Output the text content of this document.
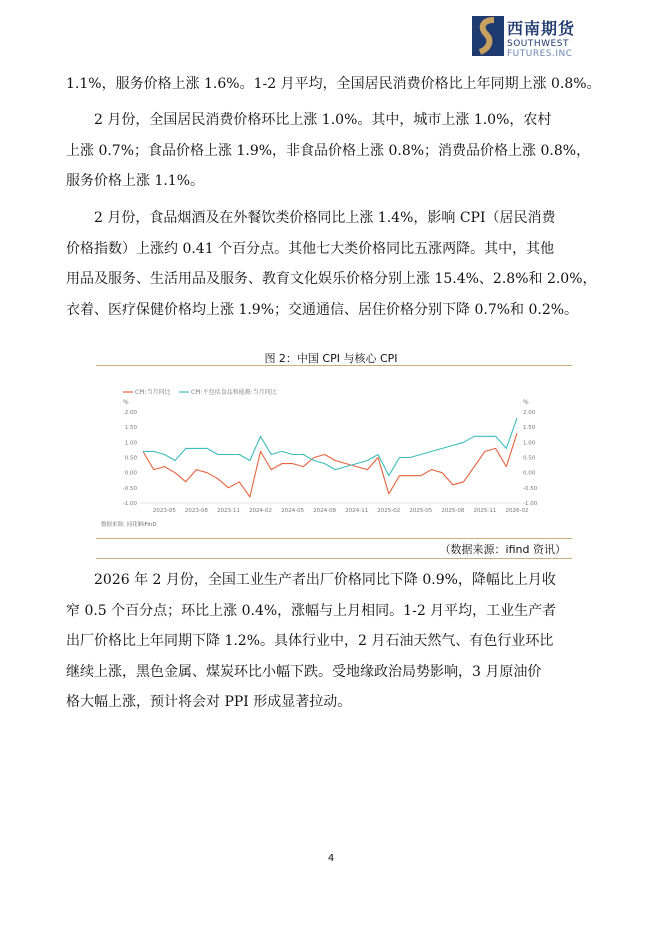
西南期货
SOUTHWEST
FUTURES.INC
1.1%，服务价格上涨 1.6%。1-2 月平均，全国居民消费价格比上年同期上涨 0.8%。
　　2 月份，全国居民消费价格环比上涨 1.0%。其中，城市上涨 1.0%，农村
上涨 0.7%；食品价格上涨 1.9%，非食品价格上涨 0.8%；消费品价格上涨 0.8%，
服务价格上涨 1.1%。
　　2 月份，食品烟酒及在外餐饮类价格同比上涨 1.4%，影响 CPI（居民消费
价格指数）上涨约 0.41 个百分点。其他七大类价格同比五涨两降。其中，其他
用品及服务、生活用品及服务、教育文化娱乐价格分别上涨 15.4%、2.8%和 2.0%，
衣着、医疗保健价格均上涨 1.9%；交通通信、居住价格分别下降 0.7%和 0.2%。
图 2：中国 CPI 与核心 CPI
CPI:当月同比	CPI:不包括食品和能源:当月同比
%	%
2.00
1.50
1.00
0.50
0.00
-0.50
-1.00
2.00
1.50
1.00
0.50
0.00
-0.50
-1.00
2023-05 2023-08 2023-11 2024-02 2024-05 2024-08 2024-11 2025-02 2025-05 2025-08 2025-11 2026-02
数据来源: 同花顺iFinD
（数据来源：ifind 资讯）
　　2026 年 2 月份，全国工业生产者出厂价格同比下降 0.9%，降幅比上月收
窄 0.5 个百分点；环比上涨 0.4%，涨幅与上月相同。1-2 月平均，工业生产者
出厂价格比上年同期下降 1.2%。具体行业中，2 月石油天然气、有色行业环比
继续上涨，黑色金属、煤炭环比小幅下跌。受地缘政治局势影响，3 月原油价
格大幅上涨，预计将会对 PPI 形成显著拉动。
4
